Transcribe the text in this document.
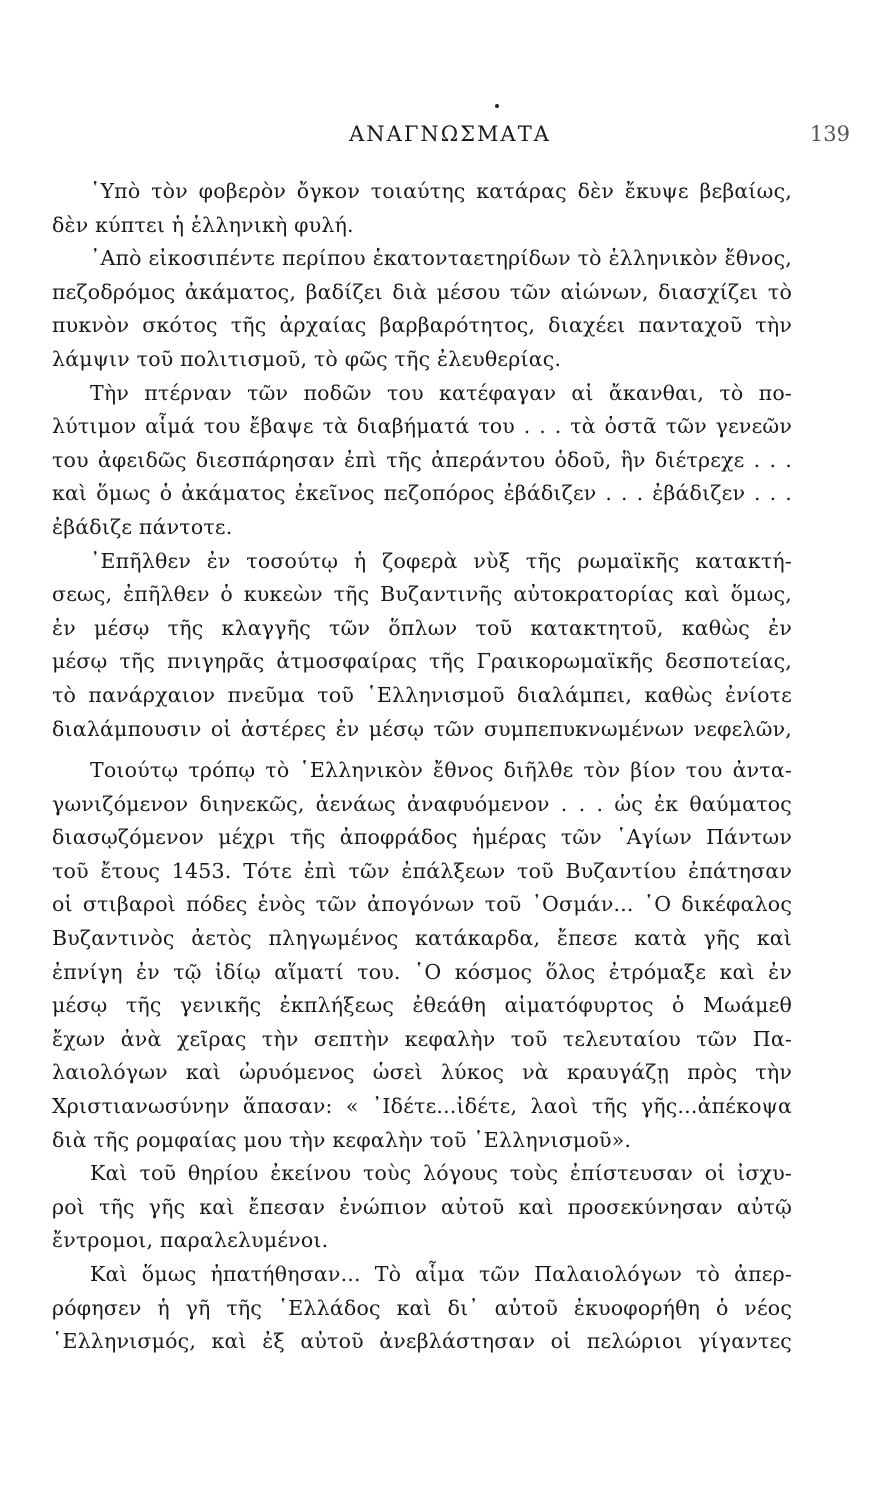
ΑΝΑΓΝΩΣΜΑΤΑ	139
῾Υπὸ τὸν φοβερὸν ὄγκον τοιαύτης κατάρας δὲν ἔκυψε βεβαίως,
δὲν κύπτει ἡ ἑλληνικὴ φυλή.
᾿Απὸ εἰκοσιπέντε περίπου ἑκατονταετηρίδων τὸ ἑλληνικὸν ἔθνος,
πεζοδρόμος ἀκάματος, βαδίζει διὰ μέσου τῶν αἰώνων, διασχίζει τὸ
πυκνὸν σκότος τῆς ἀρχαίας βαρβαρότητος, διαχέει πανταχοῦ τὴν
λάμψιν τοῦ πολιτισμοῦ, τὸ φῶς τῆς ἐλευθερίας.
Τὴν πτέρναν τῶν ποδῶν του κατέφαγαν αἱ ἄκανθαι, τὸ πο-
λύτιμον αἷμά του ἔβαψε τὰ διαβήματά του . . . τὰ ὀστᾶ τῶν γενεῶν
του ἀφειδῶς διεσπάρησαν ἐπὶ τῆς ἀπεράντου ὁδοῦ, ἣν διέτρεχε . . .
καὶ ὅμως ὁ ἀκάματος ἐκεῖνος πεζοπόρος ἐβάδιζεν . . . ἐβάδιζεν . . .
ἐβάδιζε πάντοτε.
᾿Επῆλθεν ἐν τοσούτῳ ἡ ζοφερὰ νὺξ τῆς ρωμαϊκῆς κατακτή-
σεως, ἐπῆλθεν ὁ κυκεὼν τῆς Βυζαντινῆς αὐτοκρατορίας καὶ ὅμως,
ἐν μέσῳ τῆς κλαγγῆς τῶν ὅπλων τοῦ κατακτητοῦ, καθὼς ἐν
μέσῳ τῆς πνιγηρᾶς ἀτμοσφαίρας τῆς Γραικορωμαϊκῆς δεσποτείας,
τὸ πανάρχαιον πνεῦμα τοῦ ῾Ελληνισμοῦ διαλάμπει, καθὼς ἐνίοτε
διαλάμπουσιν οἱ ἀστέρες ἐν μέσῳ τῶν συμπεπυκνωμένων νεφελῶν,
Τοιούτῳ τρόπῳ τὸ ῾Ελληνικὸν ἔθνος διῆλθε τὸν βίον του ἀντα-
γωνιζόμενον διηνεκῶς, ἀενάως ἀναφυόμενον . . . ὡς ἐκ θαύματος
διασῳζόμενον μέχρι τῆς ἀποφράδος ἡμέρας τῶν ῾Αγίων Πάντων
τοῦ ἔτους 1453. Τότε ἐπὶ τῶν ἐπάλξεων τοῦ Βυζαντίου ἐπάτησαν
οἱ στιβαροὶ πόδες ἑνὸς τῶν ἀπογόνων τοῦ ᾿Οσμάν... ῾Ο δικέφαλος
Βυζαντινὸς ἀετὸς πληγωμένος κατάκαρδα, ἔπεσε κατὰ γῆς καὶ
ἐπνίγη ἐν τῷ ἰδίῳ αἵματί του. ῾Ο κόσμος ὅλος ἐτρόμαξε καὶ ἐν
μέσῳ τῆς γενικῆς ἐκπλήξεως ἐθεάθη αἱματόφυρτος ὁ Μωάμεθ
ἔχων ἀνὰ χεῖρας τὴν σεπτὴν κεφαλὴν τοῦ τελευταίου τῶν Πα-
λαιολόγων καὶ ὠρυόμενος ὡσεὶ λύκος νὰ κραυγάζῃ πρὸς τὴν
Χριστιανωσύνην ἅπασαν: « ᾿Ιδέτε...ἰδέτε, λαοὶ τῆς γῆς...ἀπέκοψα
διὰ τῆς ρομφαίας μου τὴν κεφαλὴν τοῦ ῾Ελληνισμοῦ».
Καὶ τοῦ θηρίου ἐκείνου τοὺς λόγους τοὺς ἐπίστευσαν οἱ ἰσχυ-
ροὶ τῆς γῆς καὶ ἔπεσαν ἐνώπιον αὐτοῦ καὶ προσεκύνησαν αὐτῷ
ἔντρομοι, παραλελυμένοι.
Καὶ ὅμως ἠπατήθησαν... Τὸ αἷμα τῶν Παλαιολόγων τὸ ἀπερ-
ρόφησεν ἡ γῆ τῆς ῾Ελλάδος καὶ δι᾿ αὐτοῦ ἐκυοφορήθη ὁ νέος
῾Ελληνισμός, καὶ ἐξ αὐτοῦ ἀνεβλάστησαν οἱ πελώριοι γίγαντες
